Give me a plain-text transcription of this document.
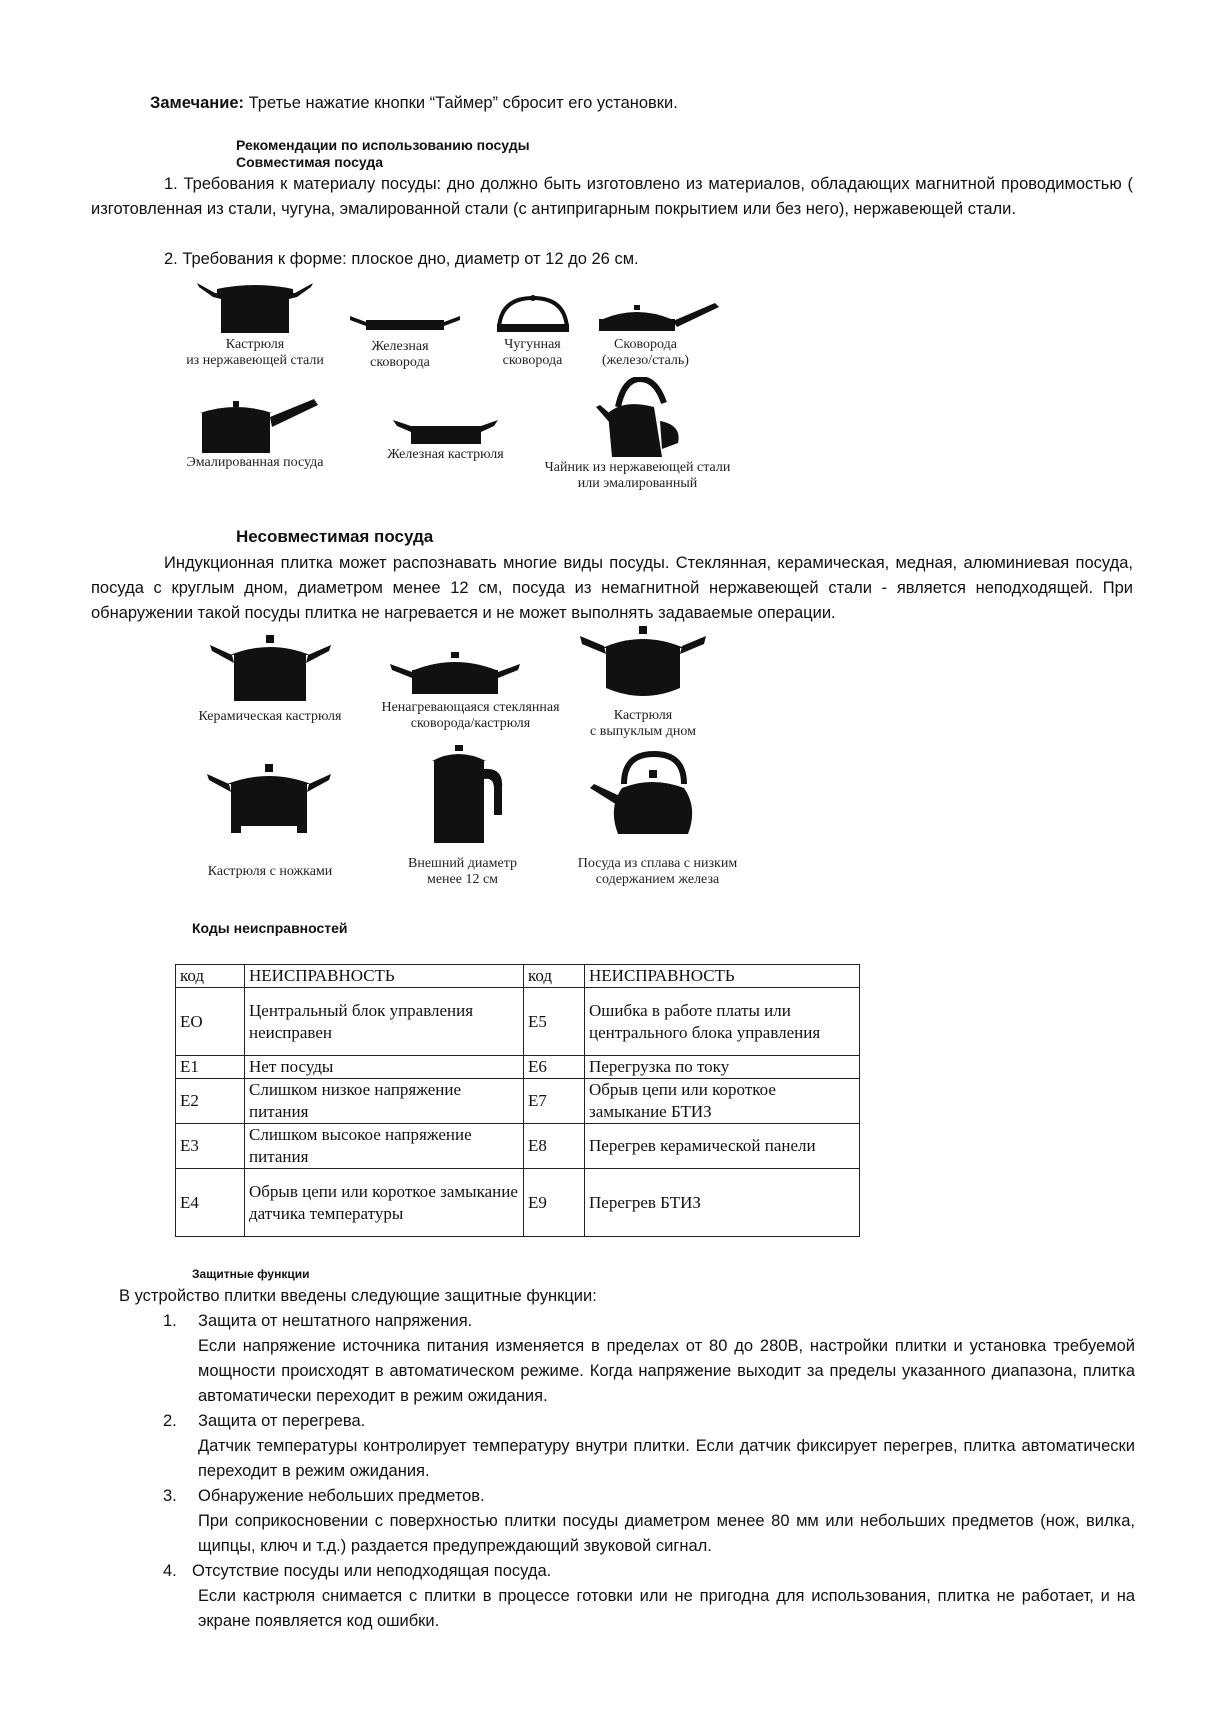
Замечание: Третье нажатие кнопки “Таймер” сбросит его установки.
Рекомендации по использованию посуды
Совместимая посуда
1. Требования к материалу посуды: дно должно быть изготовлено из материалов, обладающих магнитной проводимостью ( изготовленная из стали, чугуна, эмалированной стали (с антипригарным покрытием или без него), нержавеющей стали.
2. Требования к форме: плоское дно, диаметр от 12 до 26 см.
Кастрюля
из нержавеющей стали
Железная
сковорода
Чугунная
сковорода
Сковорода
(железо/сталь)
Эмалированная посуда
Железная кастрюля
Чайник из нержавеющей стали
или эмалированный
Несовместимая посуда
Индукционная плитка может распознавать многие виды посуды. Стеклянная, керамическая, медная, алюминиевая посуда, посуда с круглым дном, диаметром менее 12 см, посуда из немагнитной нержавеющей стали - является неподходящей. При обнаружении такой посуды плитка не нагревается и не может выполнять задаваемые операции.
Керамическая кастрюля
Ненагревающаяся стеклянная
сковорода/кастрюля
Кастрюля
с выпуклым дном
Кастрюля с ножками
Внешний диаметр
менее 12 см
Посуда из сплава с низким
содержанием железа
Коды неисправностей
код	НЕИСПРАВНОСТЬ	код	НЕИСПРАВНОСТЬ
EO	Центральный блок управления неисправен	E5	Ошибка в работе платы или центрального блока управления
E1	Нет посуды	E6	Перегрузка по току
E2	Слишком низкое напряжение питания	E7	Обрыв цепи или короткое замыкание БТИЗ
E3	Слишком высокое напряжение питания	E8	Перегрев керамической панели
E4	Обрыв цепи или короткое замыкание датчика температуры	E9	Перегрев БТИЗ
Защитные функции
В устройство плитки введены следующие защитные функции:
1. Защита от нештатного напряжения.
Если напряжение источника питания изменяется в пределах от 80 до 280В, настройки плитки и установка требуемой мощности происходят в автоматическом режиме. Когда напряжение выходит за пределы указанного диапазона, плитка автоматически переходит в режим ожидания.
2. Защита от перегрева.
Датчик температуры контролирует температуру внутри плитки. Если датчик фиксирует перегрев, плитка автоматически переходит в режим ожидания.
3. Обнаружение небольших предметов.
При соприкосновении с поверхностью плитки посуды диаметром менее 80 мм или небольших предметов (нож, вилка, щипцы, ключ и т.д.) раздается предупреждающий звуковой сигнал.
4. Отсутствие посуды или неподходящая посуда.
Если кастрюля снимается с плитки в процессе готовки или не пригодна для использования, плитка не работает, и на экране появляется код ошибки.
